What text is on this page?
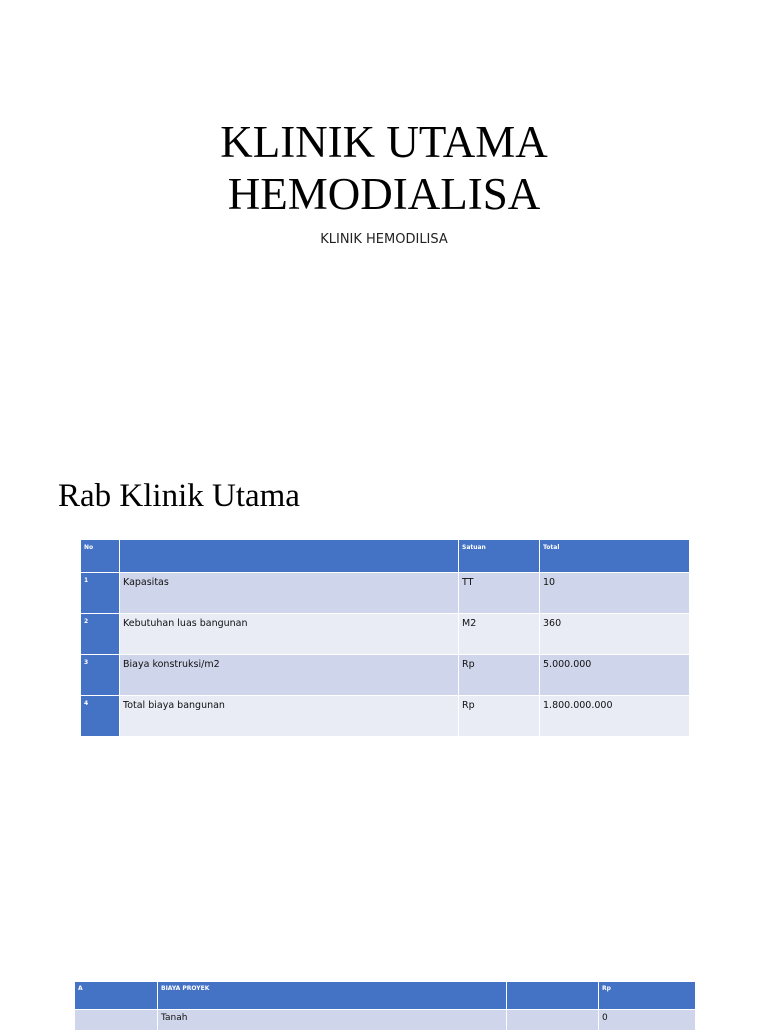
KLINIK UTAMA
HEMODIALISA
KLINIK HEMODILISA
Rab Klinik Utama
No		Satuan	Total
1	Kapasitas	TT	10
2	Kebutuhan luas bangunan	M2	360
3	Biaya konstruksi/m2	Rp	5.000.000
4	Total biaya bangunan	Rp	1.800.000.000
A	BIAYA PROYEK		Rp
	Tanah		0
